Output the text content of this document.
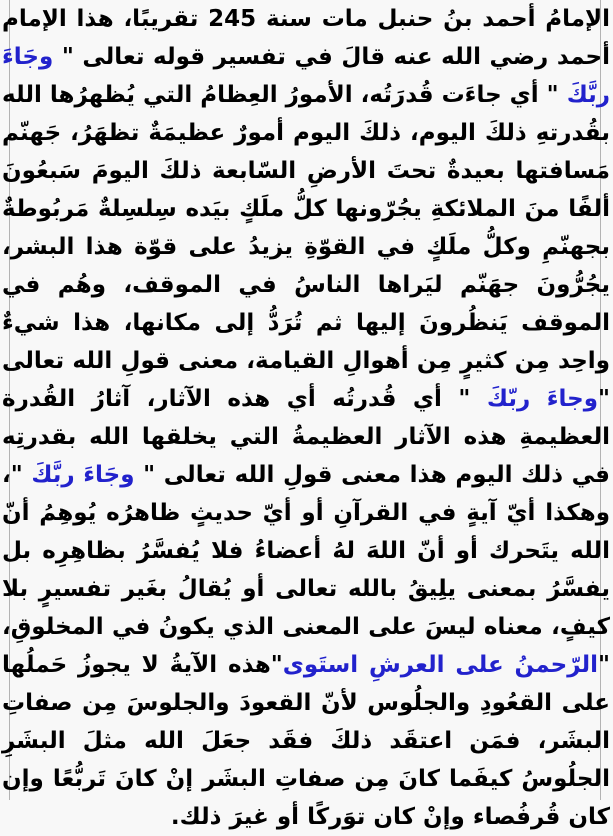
الإمامُ أحمد بنُ حنبل مات سنة 245 تقريبًا، هذا الإمام أحمد رضي الله عنه قالَ في تفسير قوله تعالى " وجَاءَ ربَّكَ " أي جاءَت قُدرَتُه، الأمورُ العِظامُ التي يُظهرُها الله بقُدرتهِ ذلكَ اليوم، ذلكَ اليوم أمورٌ عظيمَةٌ تظهَرُ، جَهنّم مَسافتها بعيدةٌ تحتَ الأرضِ السّابعة ذلكَ اليومَ سَبعُونَ ألفًا منَ الملائكةِ يجُرّونها كلُّ ملَكٍ بيَده سِلسِلةٌ مَربُوطةٌ بجهنّمِ وكلُّ ملَكٍ في القوّةِ يزيدُ على قوّة هذا البشر، يجُرُّونَ جهَنّم ليَراها الناسُ في الموقف، وهُم في الموقف يَنظُرونَ إليها ثم تُرَدُّ إلى مكانها، هذا شيءٌ واحِد مِن كثيرٍ مِن أهوالِ القيامة، معنى قولِ الله تعالى "وجاءَ ربّكَ " أي قُدرتُه أي هذه الآثار، آثارُ القُدرة العظيمةِ هذه الآثار العظيمةُ التي يخلقها الله بقدرتِه في ذلك اليوم هذا معنى قولِ الله تعالى " وجَاءَ ربَّكَ "، وهكذا أيّ آيةٍ في القرآنِ أو أيّ حديثٍ ظاهرُه يُوهِمُ أنّ الله يتَحرك أو أنّ اللهَ لهُ أعضاءُ فلا يُفسَّرُ بظاهِرِه بل يفسَّرُ بمعنى يلِيقُ بالله تعالى أو يُقالُ بغَير تفسيرٍ بلا كيفٍ، معناه ليسَ على المعنى الذي يكونُ في المخلوقِ، "الرّحمنُ على العرشِ استَوى"هذه الآيةُ لا يجوزُ حَملُها على القعُودِ والجلُوس لأنّ القعودَ والجلوسَ مِن صفاتِ البشَر، فمَن اعتقَد ذلكَ فقَد جعَلَ الله مثلَ البشَرِ الجلُوسُ كيفَما كانَ مِن صفاتِ البشَر إنْ كانَ تَربُّعًا وإن كان قُرفُصاء وإنْ كان توَركًا أو غيرَ ذلك.
